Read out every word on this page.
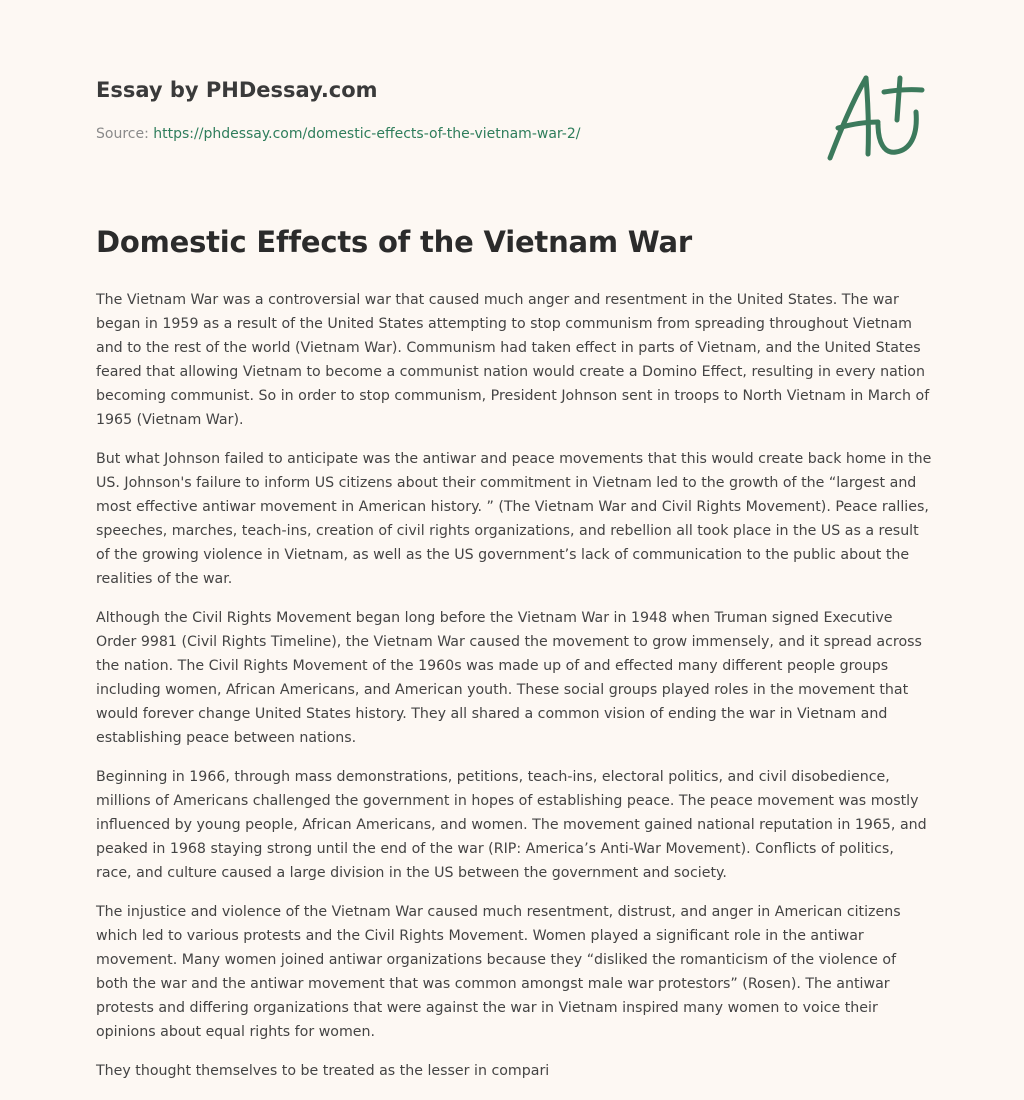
Essay by PHDessay.com
Source: https://phdessay.com/domestic-effects-of-the-vietnam-war-2/
Domestic Effects of the Vietnam War

The Vietnam War was a controversial war that caused much anger and resentment in the United States. The war began in 1959 as a result of the United States attempting to stop communism from spreading throughout Vietnam and to the rest of the world (Vietnam War). Communism had taken effect in parts of Vietnam, and the United States feared that allowing Vietnam to become a communist nation would create a Domino Effect, resulting in every nation becoming communist. So in order to stop communism, President Johnson sent in troops to North Vietnam in March of 1965 (Vietnam War).

But what Johnson failed to anticipate was the antiwar and peace movements that this would create back home in the US. Johnson's failure to inform US citizens about their commitment in Vietnam led to the growth of the “largest and most effective antiwar movement in American history. ” (The Vietnam War and Civil Rights Movement). Peace rallies, speeches, marches, teach-ins, creation of civil rights organizations, and rebellion all took place in the US as a result of the growing violence in Vietnam, as well as the US government’s lack of communication to the public about the realities of the war.

Although the Civil Rights Movement began long before the Vietnam War in 1948 when Truman signed Executive Order 9981 (Civil Rights Timeline), the Vietnam War caused the movement to grow immensely, and it spread across the nation. The Civil Rights Movement of the 1960s was made up of and effected many different people groups including women, African Americans, and American youth. These social groups played roles in the movement that would forever change United States history. They all shared a common vision of ending the war in Vietnam and establishing peace between nations.

Beginning in 1966, through mass demonstrations, petitions, teach-ins, electoral politics, and civil disobedience, millions of Americans challenged the government in hopes of establishing peace. The peace movement was mostly influenced by young people, African Americans, and women. The movement gained national reputation in 1965, and peaked in 1968 staying strong until the end of the war (RIP: America’s Anti-War Movement). Conflicts of politics, race, and culture caused a large division in the US between the government and society.

The injustice and violence of the Vietnam War caused much resentment, distrust, and anger in American citizens which led to various protests and the Civil Rights Movement. Women played a significant role in the antiwar movement. Many women joined antiwar organizations because they “disliked the romanticism of the violence of both the war and the antiwar movement that was common amongst male war protestors” (Rosen). The antiwar protests and differing organizations that were against the war in Vietnam inspired many women to voice their opinions about equal rights for women.

They thought themselves to be treated as the lesser in compari
